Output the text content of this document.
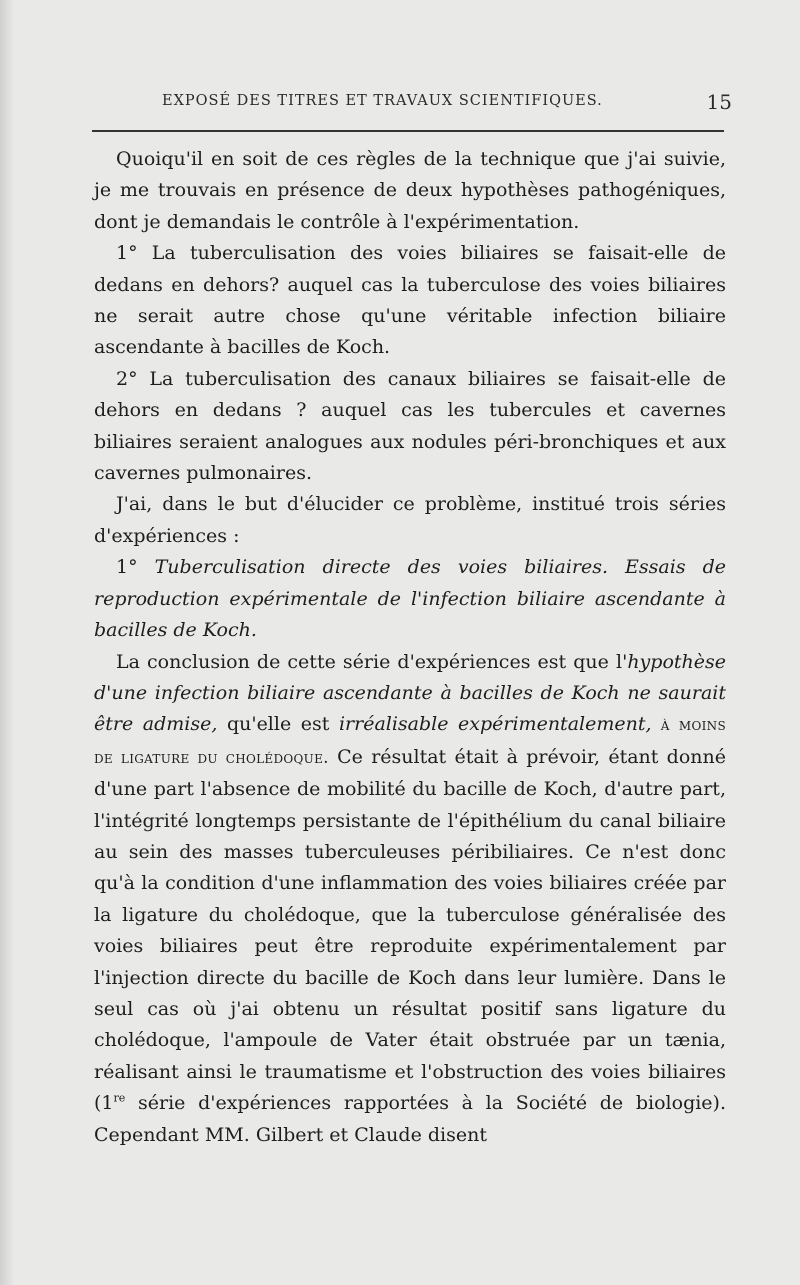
EXPOSÉ DES TITRES ET TRAVAUX SCIENTIFIQUES.	15

Quoiqu'il en soit de ces règles de la technique que j'ai suivie, je me trouvais en présence de deux hypothèses pathogéniques, dont je demandais le contrôle à l'expérimentation.

1° La tuberculisation des voies biliaires se faisait-elle de dedans en dehors? auquel cas la tuberculose des voies biliaires ne serait autre chose qu'une véritable infection biliaire ascendante à bacilles de Koch.

2° La tuberculisation des canaux biliaires se faisait-elle de dehors en dedans ? auquel cas les tubercules et cavernes biliaires seraient analogues aux nodules péri-bronchiques et aux cavernes pulmonaires.

J'ai, dans le but d'élucider ce problème, institué trois séries d'expériences :

1° Tuberculisation directe des voies biliaires. Essais de reproduction expérimentale de l'infection biliaire ascendante à bacilles de Koch.

La conclusion de cette série d'expériences est que l'hypothèse d'une infection biliaire ascendante à bacilles de Koch ne saurait être admise, qu'elle est irréalisable expérimentalement, à moins de ligature du cholédoque. Ce résultat était à prévoir, étant donné d'une part l'absence de mobilité du bacille de Koch, d'autre part, l'intégrité longtemps persistante de l'épithélium du canal biliaire au sein des masses tuberculeuses péribiliaires. Ce n'est donc qu'à la condition d'une inflammation des voies biliaires créée par la ligature du cholédoque, que la tuberculose généralisée des voies biliaires peut être reproduite expérimentalement par l'injection directe du bacille de Koch dans leur lumière. Dans le seul cas où j'ai obtenu un résultat positif sans ligature du cholédoque, l'ampoule de Vater était obstruée par un tænia, réalisant ainsi le traumatisme et l'obstruction des voies biliaires (1re série d'expériences rapportées à la Société de biologie). Cependant MM. Gilbert et Claude disent
